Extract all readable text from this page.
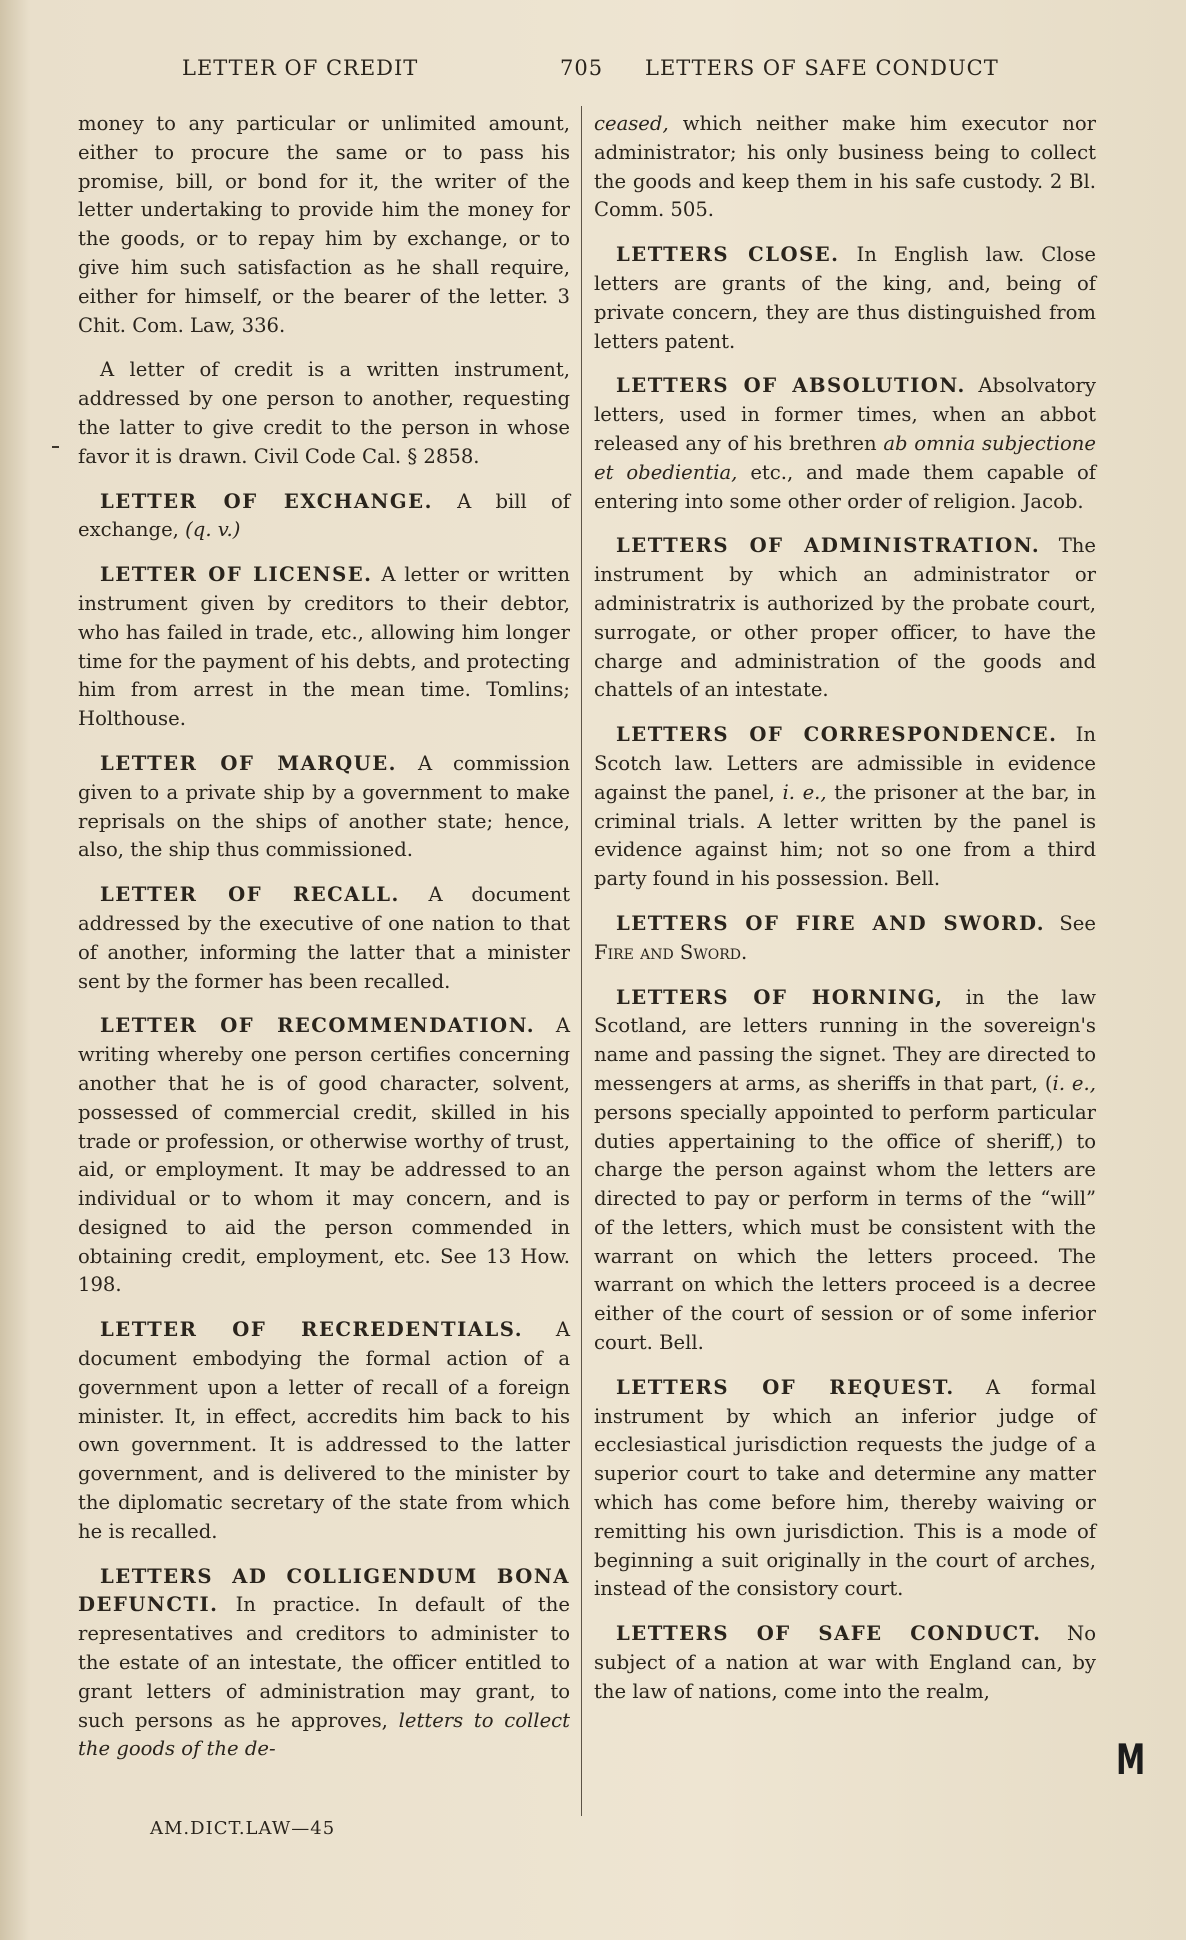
LETTER OF CREDIT	705 LETTERS OF SAFE CONDUCT

money to any particular or unlimited amount, either to procure the same or to pass his promise, bill, or bond for it, the writer of the letter undertaking to provide him the money for the goods, or to repay him by exchange, or to give him such satisfaction as he shall require, either for himself, or the bearer of the letter. 3 Chit. Com. Law, 336.

A letter of credit is a written instrument, addressed by one person to another, requesting the latter to give credit to the person in whose favor it is drawn. Civil Code Cal. § 2858.

LETTER OF EXCHANGE. A bill of exchange, (q. v.)

LETTER OF LICENSE. A letter or written instrument given by creditors to their debtor, who has failed in trade, etc., allowing him longer time for the payment of his debts, and protecting him from arrest in the mean time. Tomlins; Holthouse.

LETTER OF MARQUE. A commission given to a private ship by a government to make reprisals on the ships of another state; hence, also, the ship thus commissioned.

LETTER OF RECALL. A document addressed by the executive of one nation to that of another, informing the latter that a minister sent by the former has been recalled.

LETTER OF RECOMMENDATION. A writing whereby one person certifies concerning another that he is of good character, solvent, possessed of commercial credit, skilled in his trade or profession, or otherwise worthy of trust, aid, or employment. It may be addressed to an individual or to whom it may concern, and is designed to aid the person commended in obtaining credit, employment, etc. See 13 How. 198.

LETTER OF RECREDENTIALS. A document embodying the formal action of a government upon a letter of recall of a foreign minister. It, in effect, accredits him back to his own government. It is addressed to the latter government, and is delivered to the minister by the diplomatic secretary of the state from which he is recalled.

LETTERS AD COLLIGENDUM BONA DEFUNCTI. In practice. In default of the representatives and creditors to administer to the estate of an intestate, the officer entitled to grant letters of administration may grant, to such persons as he approves, letters to collect the goods of the de-

ceased, which neither make him executor nor administrator; his only business being to collect the goods and keep them in his safe custody. 2 Bl. Comm. 505.

LETTERS CLOSE. In English law. Close letters are grants of the king, and, being of private concern, they are thus distinguished from letters patent.

LETTERS OF ABSOLUTION. Absolvatory letters, used in former times, when an abbot released any of his brethren ab omnia subjectione et obedientia, etc., and made them capable of entering into some other order of religion. Jacob.

LETTERS OF ADMINISTRATION. The instrument by which an administrator or administratrix is authorized by the probate court, surrogate, or other proper officer, to have the charge and administration of the goods and chattels of an intestate.

LETTERS OF CORRESPONDENCE. In Scotch law. Letters are admissible in evidence against the panel, i. e., the prisoner at the bar, in criminal trials. A letter written by the panel is evidence against him; not so one from a third party found in his possession. Bell.

LETTERS OF FIRE AND SWORD. See Fire and Sword.

LETTERS OF HORNING, in the law Scotland, are letters running in the sovereign's name and passing the signet. They are directed to messengers at arms, as sheriffs in that part, (i. e., persons specially appointed to perform particular duties appertaining to the office of sheriff,) to charge the person against whom the letters are directed to pay or perform in terms of the “will” of the letters, which must be consistent with the warrant on which the letters proceed. The warrant on which the letters proceed is a decree either of the court of session or of some inferior court. Bell.

LETTERS OF REQUEST. A formal instrument by which an inferior judge of ecclesiastical jurisdiction requests the judge of a superior court to take and determine any matter which has come before him, thereby waiving or remitting his own jurisdiction. This is a mode of beginning a suit originally in the court of arches, instead of the consistory court.

LETTERS OF SAFE CONDUCT. No subject of a nation at war with England can, by the law of nations, come into the realm,

AM.DICT.LAW—45
M
